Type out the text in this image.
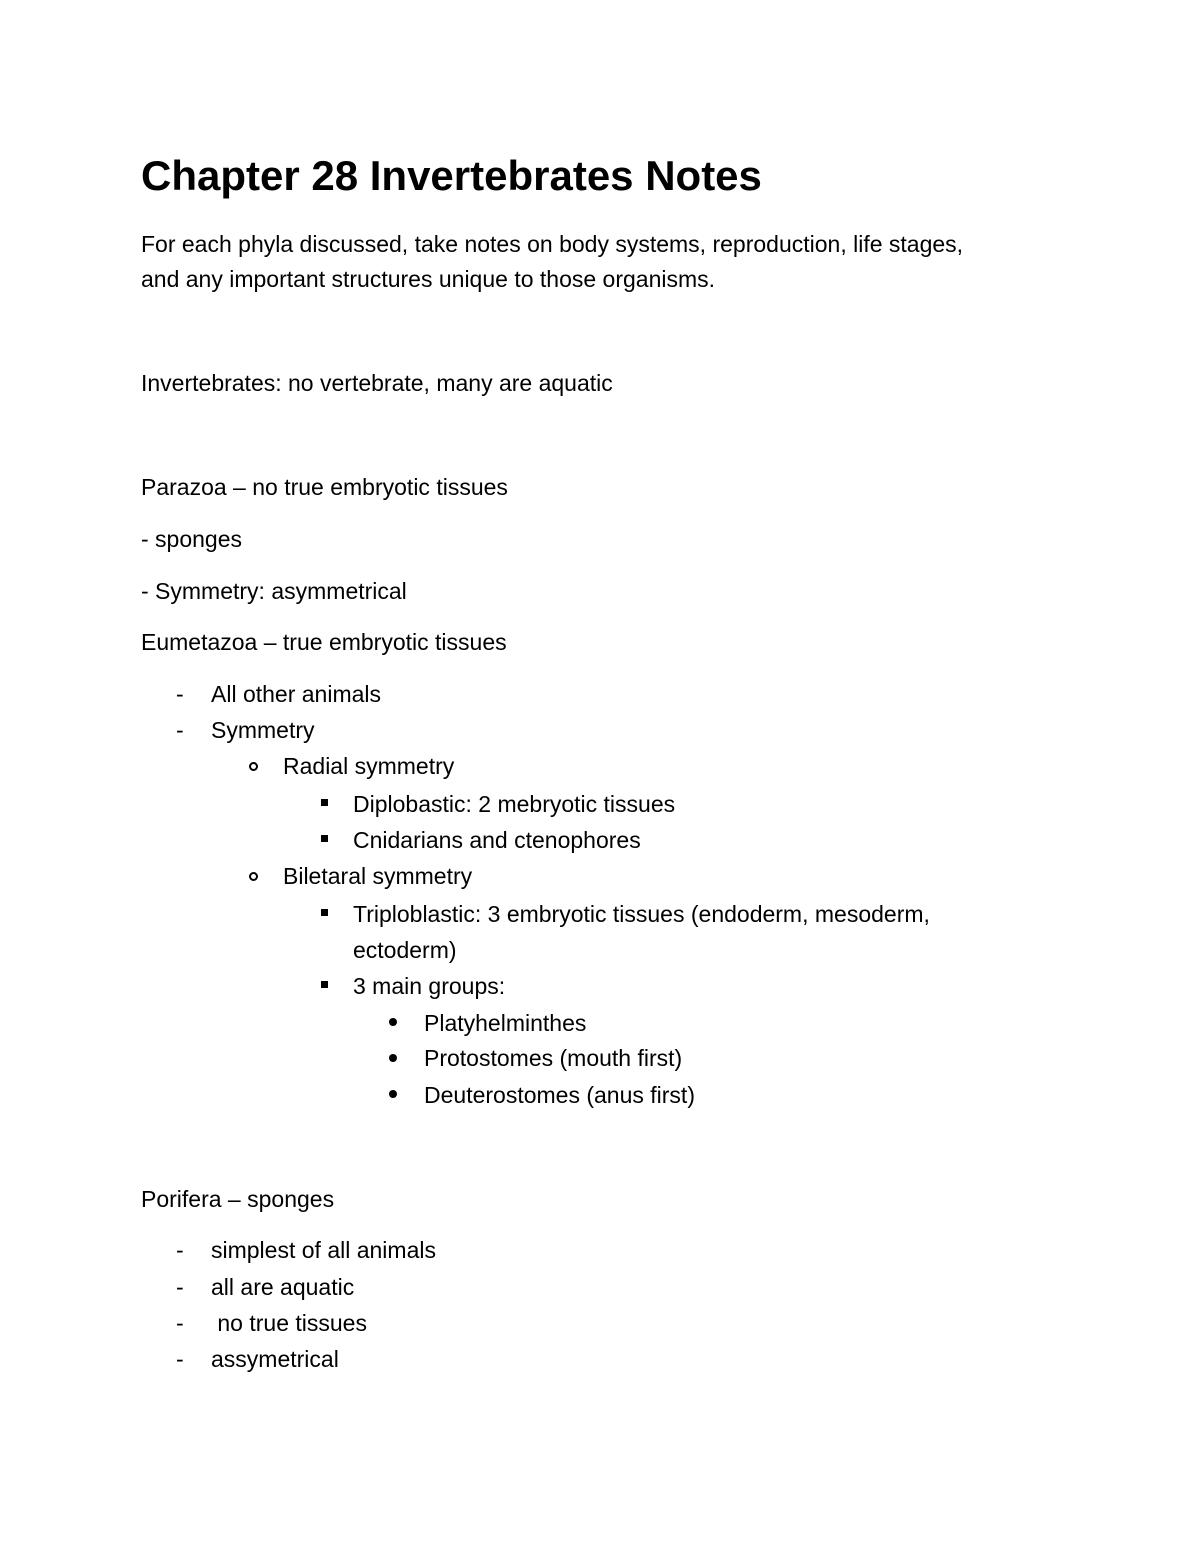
Chapter 28 Invertebrates Notes
For each phyla discussed, take notes on body systems, reproduction, life stages,
and any important structures unique to those organisms.
Invertebrates: no vertebrate, many are aquatic
Parazoa – no true embryotic tissues
- sponges
- Symmetry: asymmetrical
Eumetazoa – true embryotic tissues
- All other animals
- Symmetry
Radial symmetry
Diplobastic: 2 mebryotic tissues
Cnidarians and ctenophores
Biletaral symmetry
Triploblastic: 3 embryotic tissues (endoderm, mesoderm,
ectoderm)
3 main groups:
Platyhelminthes
Protostomes (mouth first)
Deuterostomes (anus first)
Porifera – sponges
- simplest of all animals
- all are aquatic
- no true tissues
- assymetrical
